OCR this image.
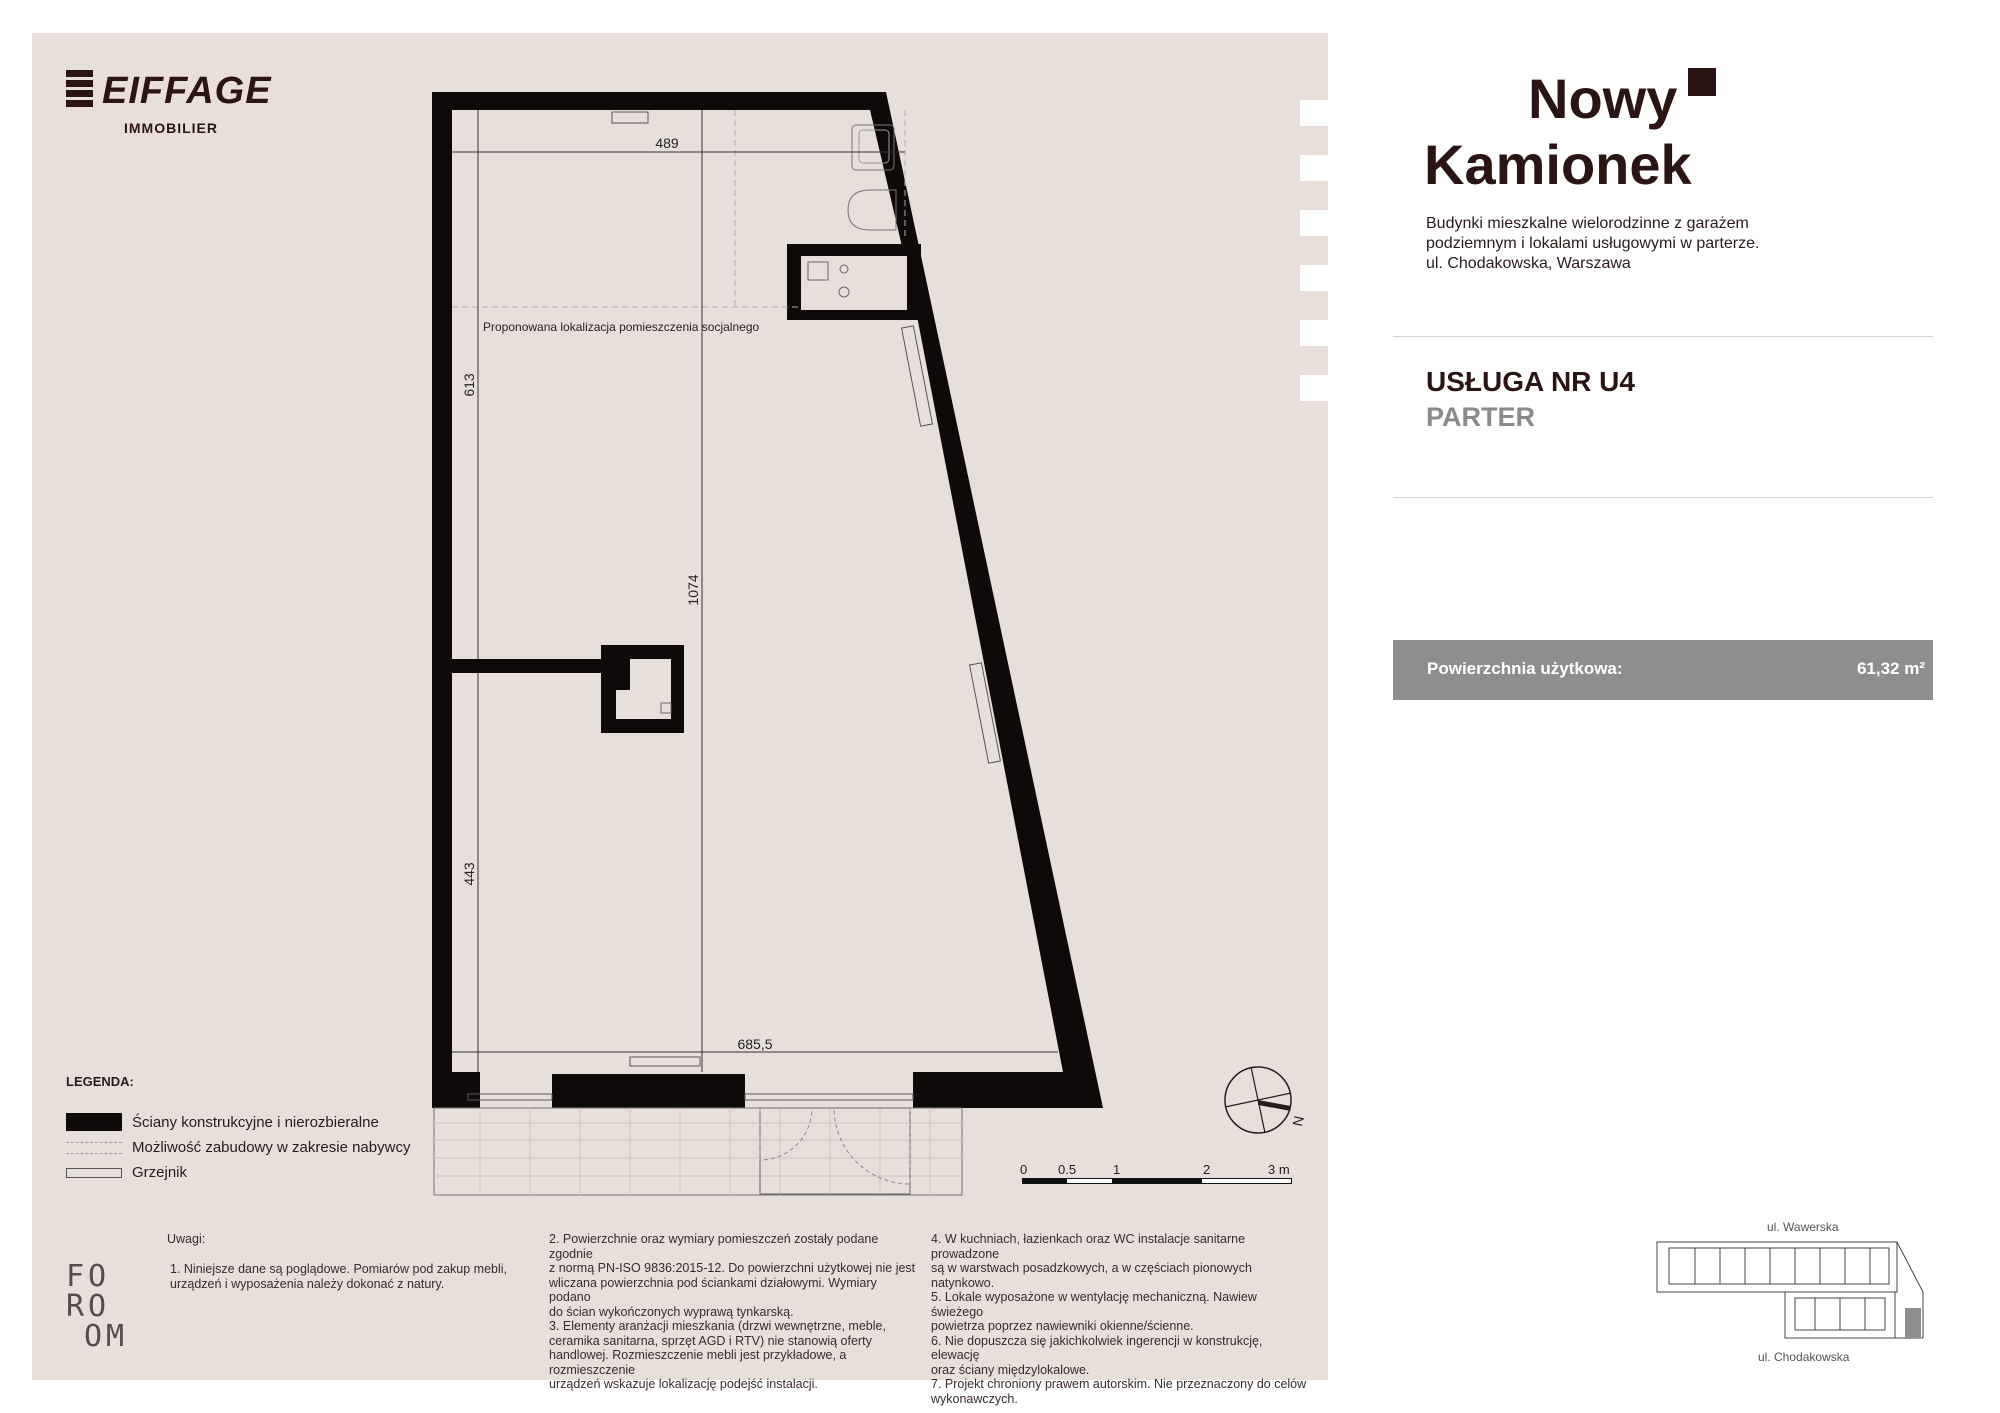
EIFFAGE
IMMOBILIER
489
685,5
613
1074
443
Proponowana lokalizacja pomieszczenia socjalnego
N
0 0.5	1	2	3 m
LEGENDA:
Ściany konstrukcyjne i nierozbieralne
Możliwość zabudowy w zakresie nabywcy
Grzejnik
Uwagi:
1. Niniejsze dane są poglądowe. Pomiarów pod zakup mebli,
urządzeń i wyposażenia należy dokonać z natury.
2. Powierzchnie oraz wymiary pomieszczeń zostały podane zgodnie
z normą PN-ISO 9836:2015-12. Do powierzchni użytkowej nie jest
wliczana powierzchnia pod ściankami działowymi. Wymiary podano
do ścian wykończonych wyprawą tynkarską.
3. Elementy aranżacji mieszkania (drzwi wewnętrzne, meble,
ceramika sanitarna, sprzęt AGD i RTV) nie stanowią oferty
handlowej. Rozmieszczenie mebli jest przykładowe, a rozmieszczenie
urządzeń wskazuje lokalizację podejść instalacji.
4. W kuchniach, łazienkach oraz WC instalacje sanitarne prowadzone
są w warstwach posadzkowych, a w częściach pionowych natynkowo.
5. Lokale wyposażone w wentylację mechaniczną. Nawiew świeżego
powietrza poprzez nawiewniki okienne/ścienne.
6. Nie dopuszcza się jakichkolwiek ingerencji w konstrukcję, elewację
oraz ściany międzylokalowe.
7. Projekt chroniony prawem autorskim. Nie przeznaczony do celów
wykonawczych.
FO
RO
OM
Nowy
Kamionek
Budynki mieszkalne wielorodzinne z garażem
podziemnym i lokalami usługowymi w parterze.
ul. Chodakowska, Warszawa
USŁUGA NR U4
PARTER
Powierzchnia użytkowa:	61,32 m²
ul. Wawerska
ul. Chodakowska
